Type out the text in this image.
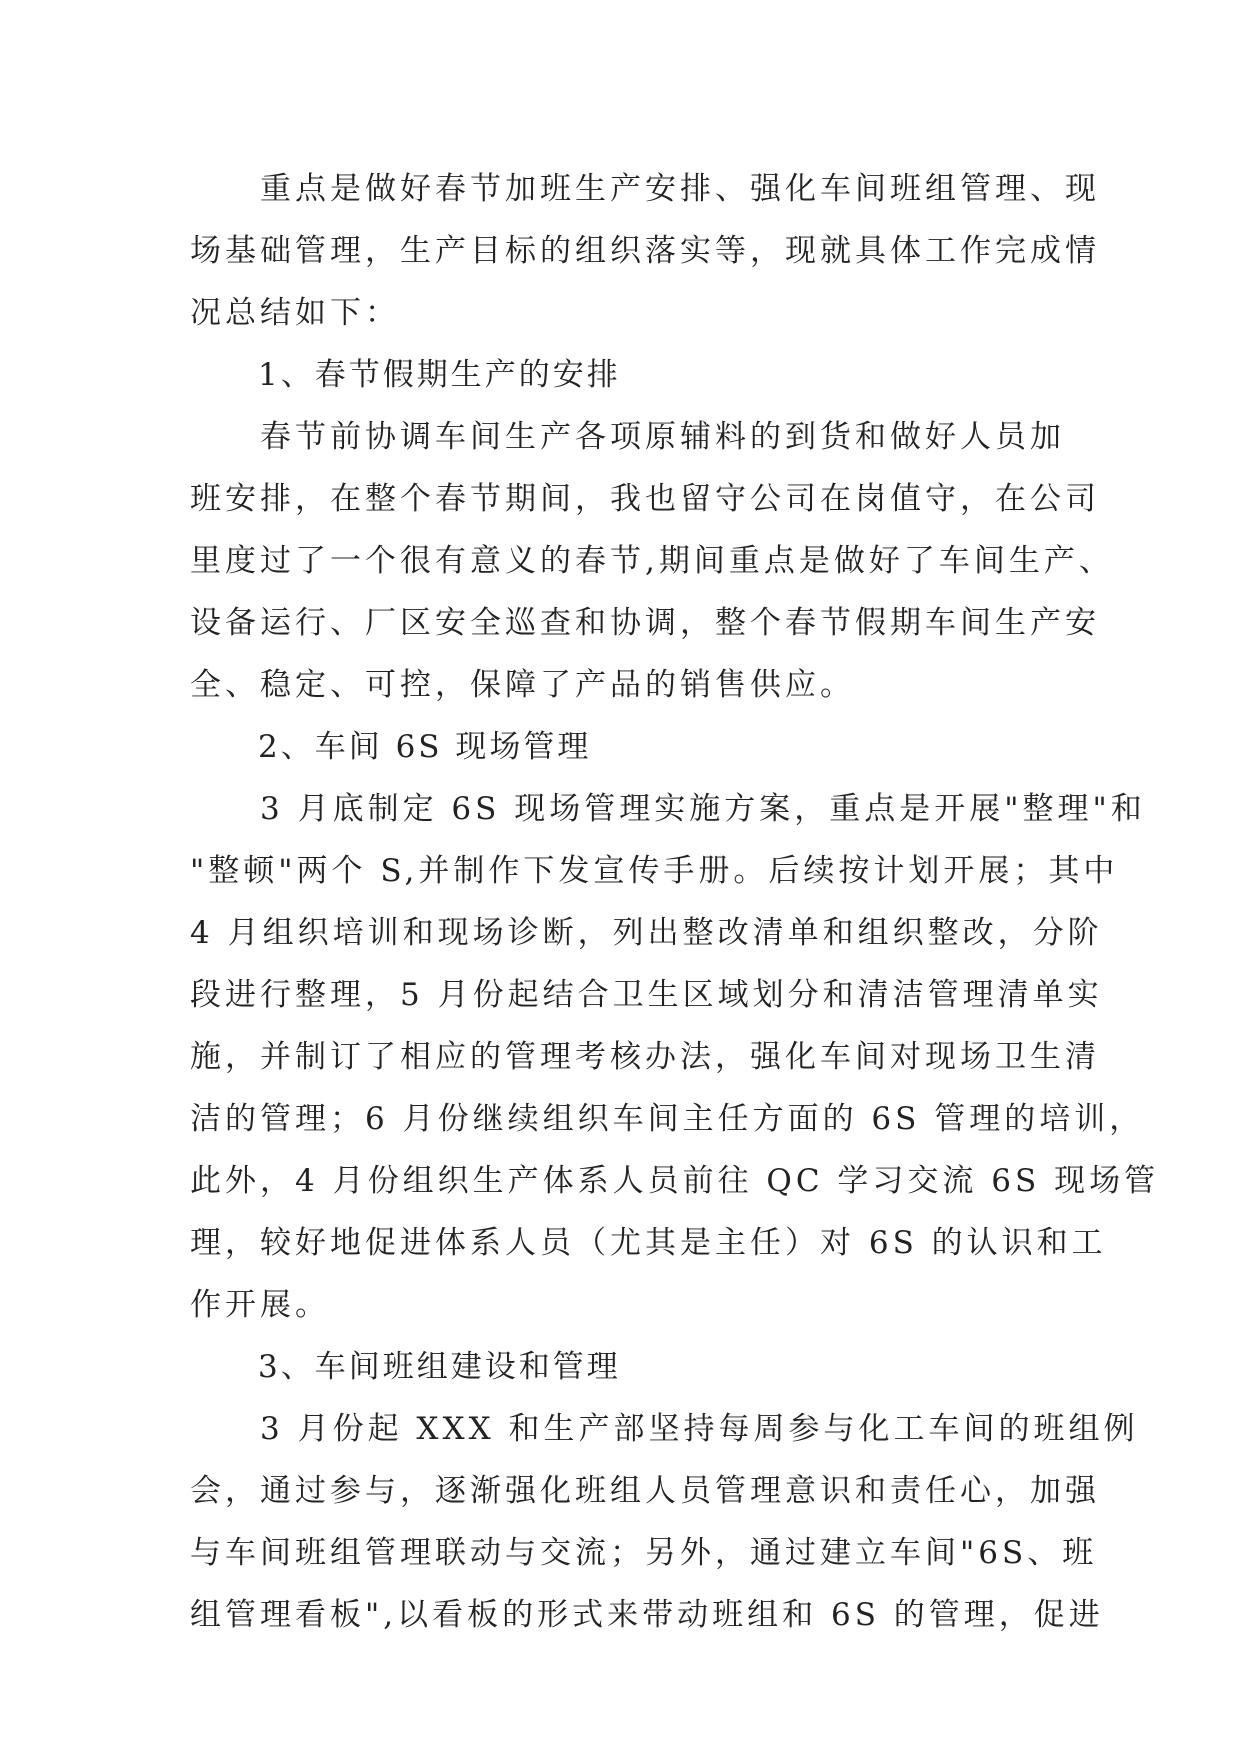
　　重点是做好春节加班生产安排、强化车间班组管理、现
场基础管理，生产目标的组织落实等，现就具体工作完成情
况总结如下：
　　1、春节假期生产的安排
　　春节前协调车间生产各项原辅料的到货和做好人员加
班安排，在整个春节期间，我也留守公司在岗值守，在公司
里度过了一个很有意义的春节,期间重点是做好了车间生产、
设备运行、厂区安全巡查和协调，整个春节假期车间生产安
全、稳定、可控，保障了产品的销售供应。
　　2、车间 6S 现场管理
　　3 月底制定 6S 现场管理实施方案，重点是开展"整理"和
"整顿"两个 S,并制作下发宣传手册。后续按计划开展；其中
4 月组织培训和现场诊断，列出整改清单和组织整改，分阶
段进行整理，5 月份起结合卫生区域划分和清洁管理清单实
施，并制订了相应的管理考核办法，强化车间对现场卫生清
洁的管理；6 月份继续组织车间主任方面的 6S 管理的培训，
此外，4 月份组织生产体系人员前往 QC 学习交流 6S 现场管
理，较好地促进体系人员（尤其是主任）对 6S 的认识和工
作开展。
　　3、车间班组建设和管理
　　3 月份起 XXX 和生产部坚持每周参与化工车间的班组例
会，通过参与，逐渐强化班组人员管理意识和责任心，加强
与车间班组管理联动与交流；另外，通过建立车间"6S、班
组管理看板",以看板的形式来带动班组和 6S 的管理，促进
